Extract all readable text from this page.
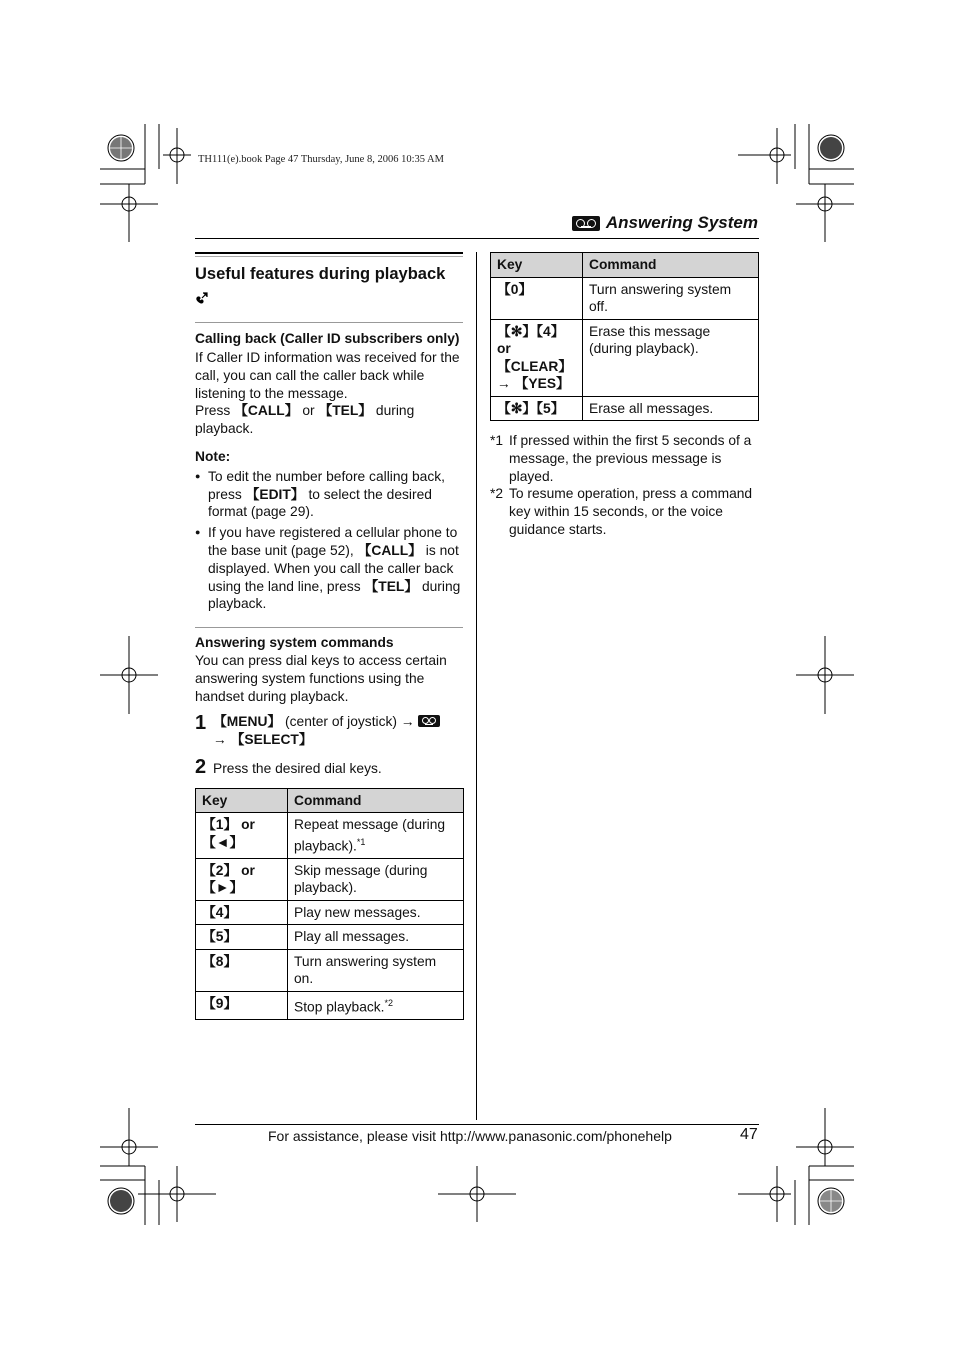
TH111(e).book Page 47 Thursday, June 8, 2006 10:35 AM
Answering System
Useful features during playback
Calling back (Caller ID subscribers only)
If Caller ID information was received for the call, you can call the caller back while listening to the message.
Press 【CALL】 or 【TEL】 during playback.
Note:
● To edit the number before calling back, press 【EDIT】 to select the desired format (page 29).
● If you have registered a cellular phone to the base unit (page 52), 【CALL】 is not displayed. When you call the caller back using the land line, press 【TEL】 during playback.
Answering system commands
You can press dial keys to access certain answering system functions using the handset during playback.
1 【MENU】 (center of joystick) →

→ 【SELECT】
2 Press the desired dial keys.
Key	Command
【1】 or 【◄】	Repeat message (during playback).$^{*1}$
【2】 or 【►】	Skip message (during playback).
【4】	Play new messages.
【5】	Play all messages.
【8】	Turn answering system on.
【9】	Stop playback.$^{*2}$
Key	Command
【0】	Turn answering system off.
【✻】【4】 or 【CLEAR】 → 【YES】	Erase this message (during playback).
【✻】【5】	Erase all messages.
*1 If pressed within the first 5 seconds of a message, the previous message is played.
*2 To resume operation, press a command key within 15 seconds, or the voice guidance starts.
For assistance, please visit http://www.panasonic.com/phonehelp	47
